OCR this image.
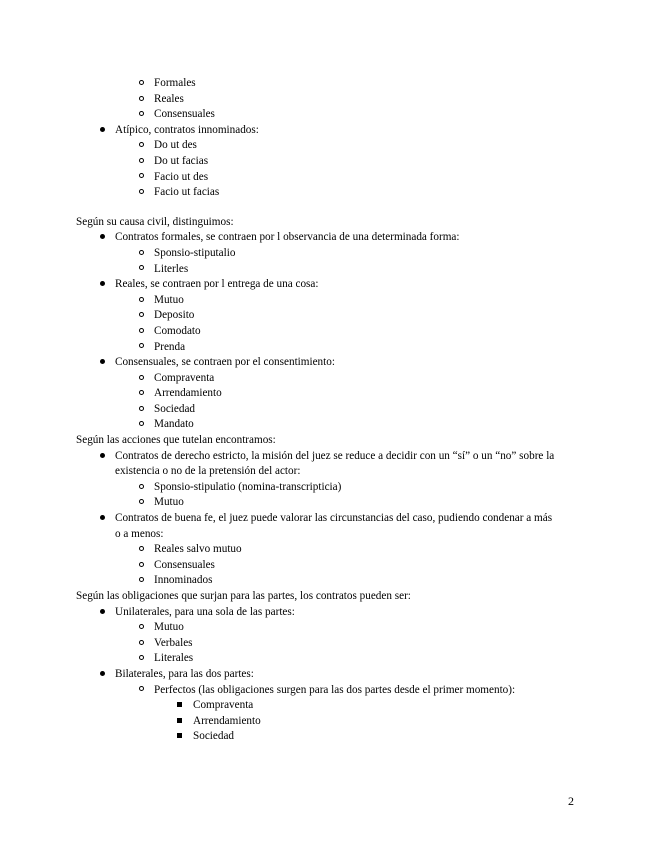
Formales
Reales
Consensuales
Atípico, contratos innominados:
Do ut des
Do ut facias
Facio ut des
Facio ut facias
Según su causa civil, distinguimos:
Contratos formales, se contraen por l observancia de una determinada forma:
Sponsio-stiputalio
Literles
Reales, se contraen por l entrega de una cosa:
Mutuo
Deposito
Comodato
Prenda
Consensuales, se contraen por el consentimiento:
Compraventa
Arrendamiento
Sociedad
Mandato
Según las acciones que tutelan encontramos:
Contratos de derecho estricto, la misión del juez se reduce a decidir con un “sí” o un “no” sobre la
existencia o no de la pretensión del actor:
Sponsio-stipulatio (nomina-transcripticia)
Mutuo
Contratos de buena fe, el juez puede valorar las circunstancias del caso, pudiendo condenar a más
o a menos:
Reales salvo mutuo
Consensuales
Innominados
Según las obligaciones que surjan para las partes, los contratos pueden ser:
Unilaterales, para una sola de las partes:
Mutuo
Verbales
Literales
Bilaterales, para las dos partes:
Perfectos (las obligaciones surgen para las dos partes desde el primer momento):
Compraventa
Arrendamiento
Sociedad
2
